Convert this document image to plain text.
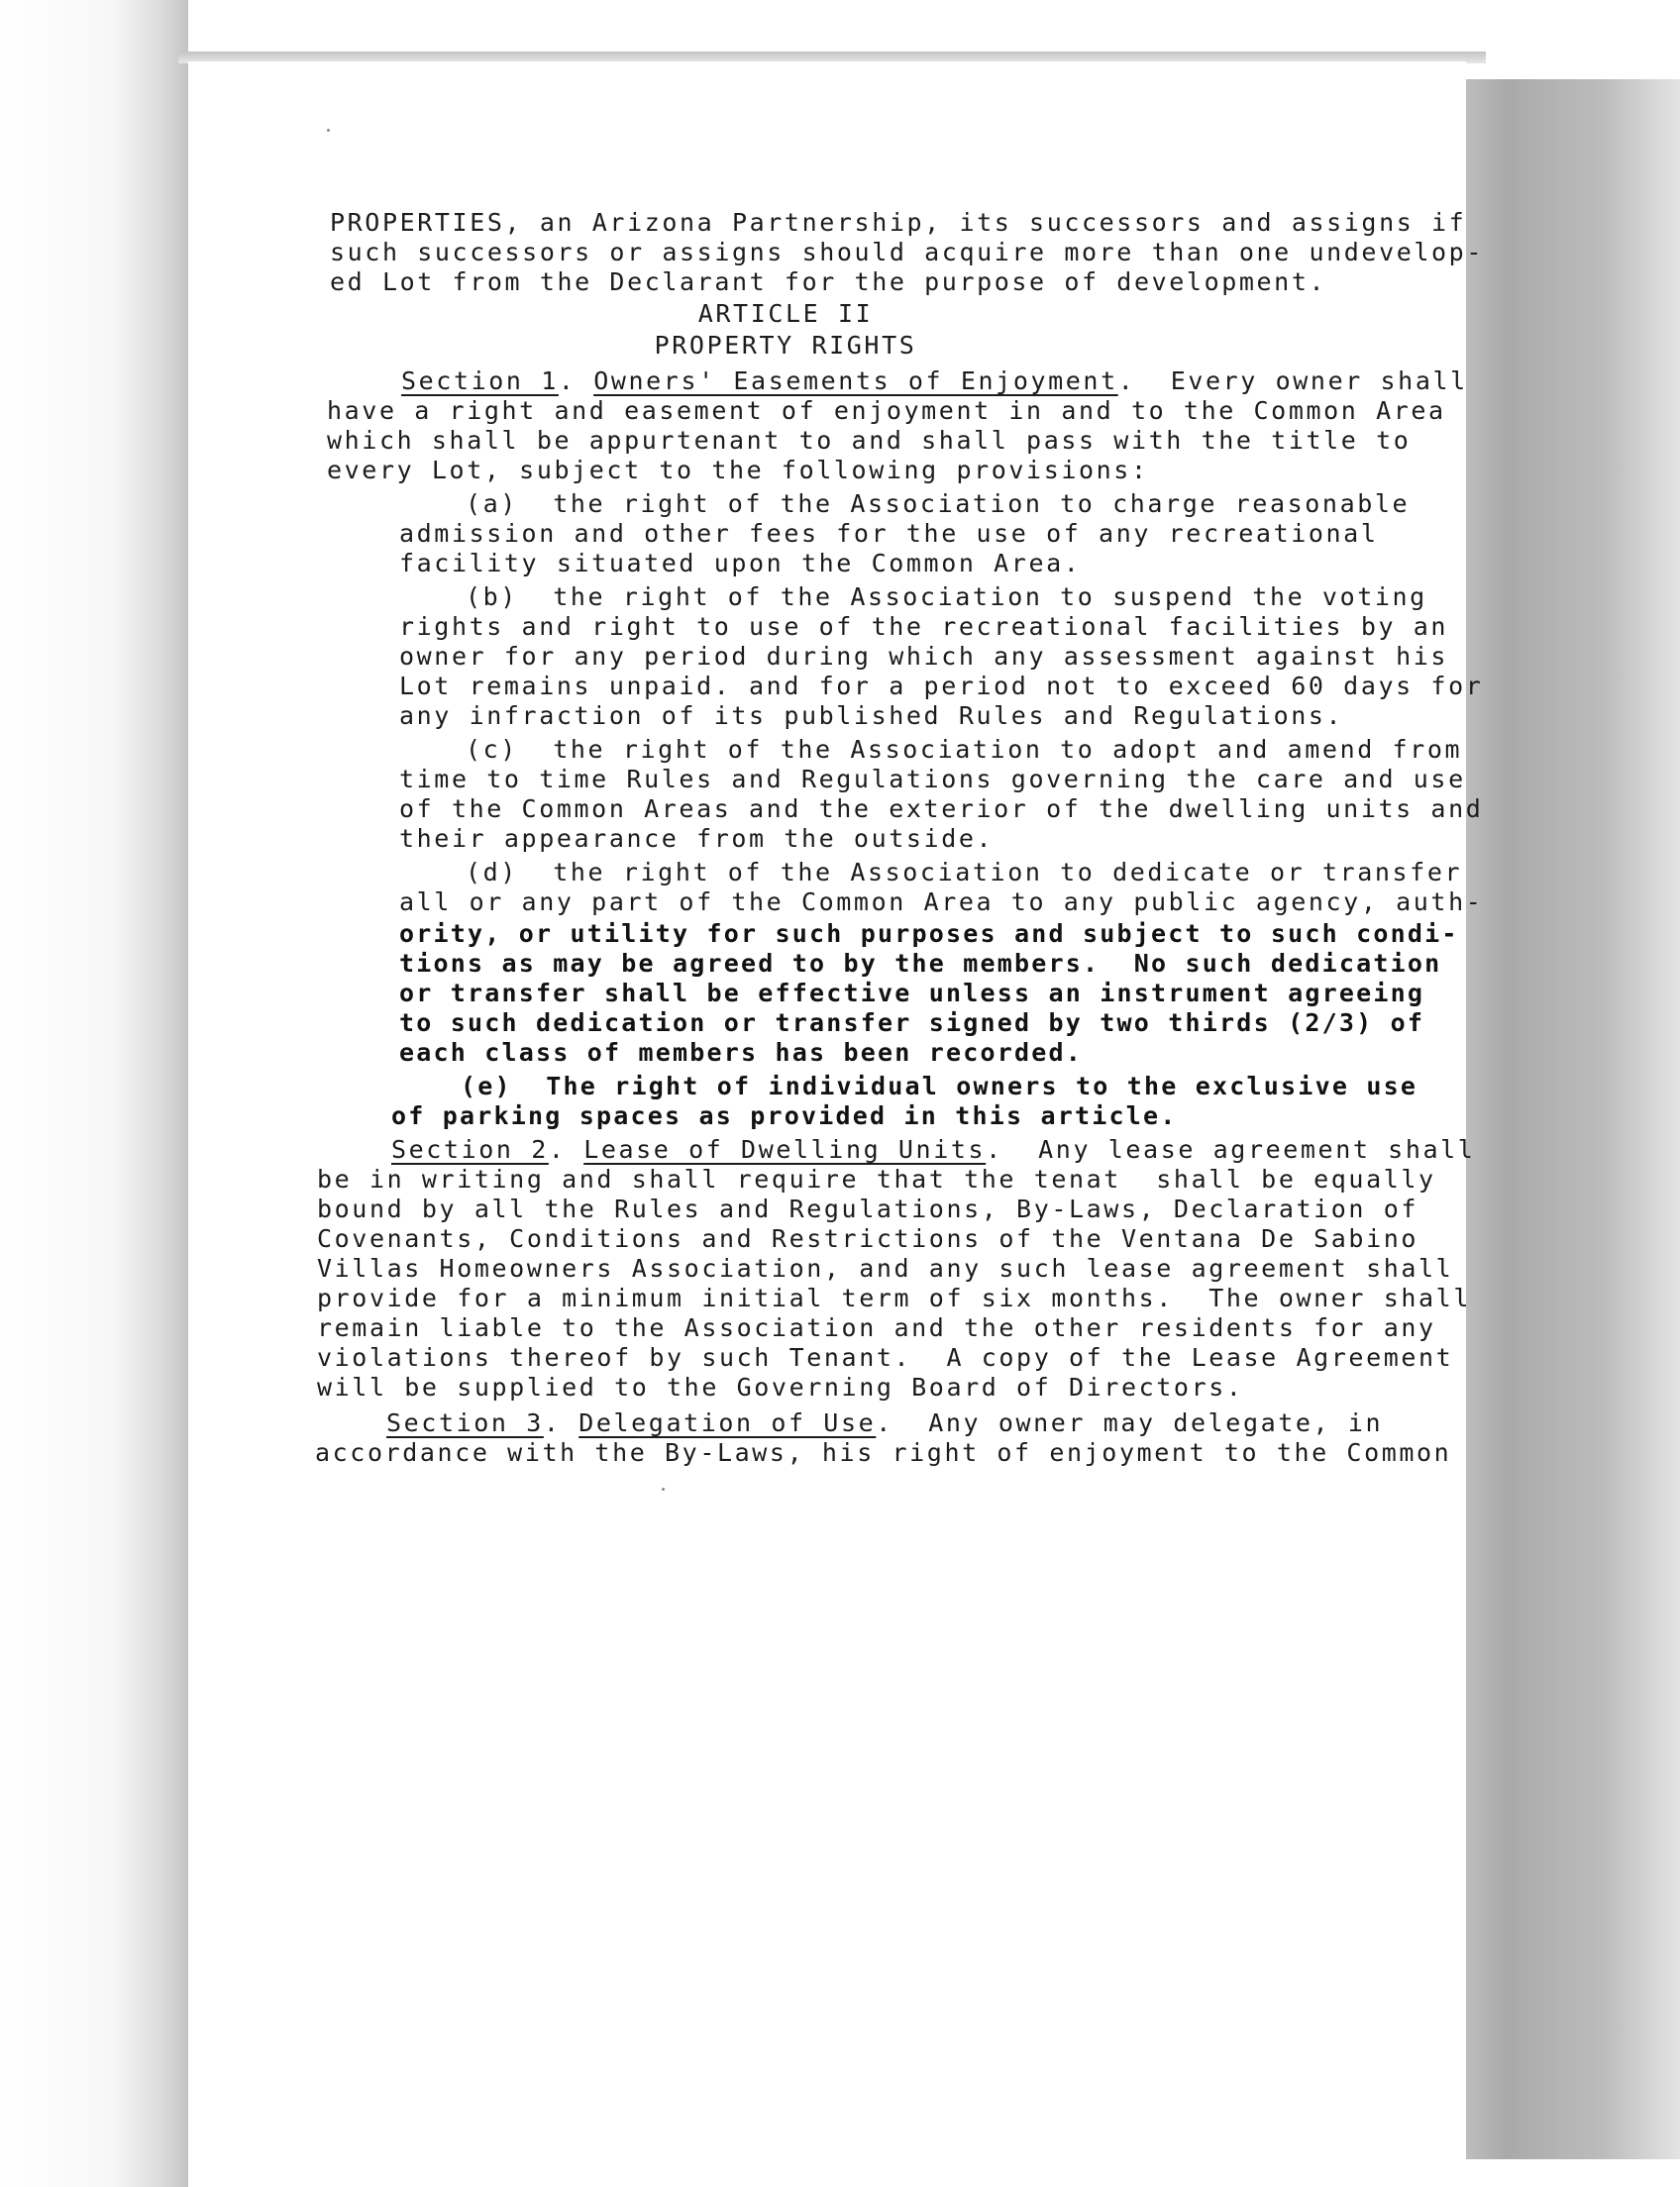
PROPERTIES, an Arizona Partnership, its successors and assigns if

such successors or assigns should acquire more than one undevelop-

ed Lot from the Declarant for the purpose of development.

ARTICLE II

PROPERTY RIGHTS

Section 1. Owners' Easements of Enjoyment.  Every owner shall

have a right and easement of enjoyment in and to the Common Area

which shall be appurtenant to and shall pass with the title to

every Lot, subject to the following provisions:

(a)  the right of the Association to charge reasonable

admission and other fees for the use of any recreational

facility situated upon the Common Area.

(b)  the right of the Association to suspend the voting

rights and right to use of the recreational facilities by an

owner for any period during which any assessment against his

Lot remains unpaid. and for a period not to exceed 60 days for

any infraction of its published Rules and Regulations.

(c)  the right of the Association to adopt and amend from

time to time Rules and Regulations governing the care and use

of the Common Areas and the exterior of the dwelling units and

their appearance from the outside.

(d)  the right of the Association to dedicate or transfer

all or any part of the Common Area to any public agency, auth-

ority, or utility for such purposes and subject to such condi-

tions as may be agreed to by the members.  No such dedication

or transfer shall be effective unless an instrument agreeing

to such dedication or transfer signed by two thirds (2/3) of

each class of members has been recorded.

(e)  The right of individual owners to the exclusive use

of parking spaces as provided in this article.

Section 2. Lease of Dwelling Units.  Any lease agreement shall

be in writing and shall require that the tenat  shall be equally

bound by all the Rules and Regulations, By-Laws, Declaration of

Covenants, Conditions and Restrictions of the Ventana De Sabino

Villas Homeowners Association, and any such lease agreement shall

provide for a minimum initial term of six months.  The owner shall

remain liable to the Association and the other residents for any

violations thereof by such Tenant.  A copy of the Lease Agreement

will be supplied to the Governing Board of Directors.

Section 3. Delegation of Use.  Any owner may delegate, in

accordance with the By-Laws, his right of enjoyment to the Common
